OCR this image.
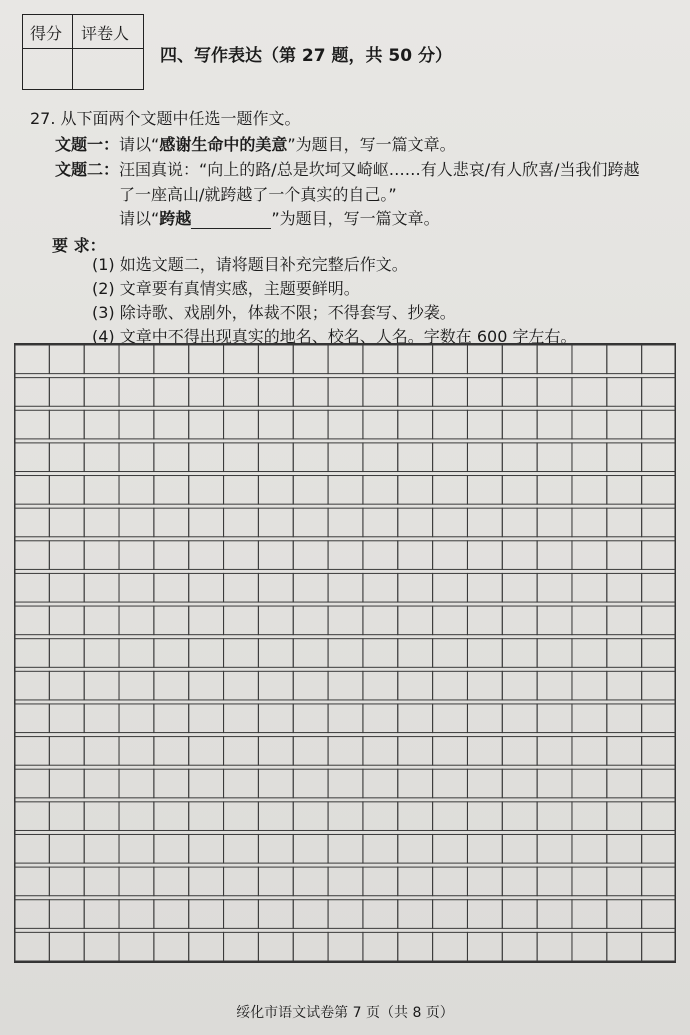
得分 评卷人
四、写作表达（第 27 题，共 50 分）
27. 从下面两个文题中任选一题作文。
文题一：请以“感谢生命中的美意”为题目，写一篇文章。
文题二：汪国真说：“向上的路/总是坎坷又崎岖……有人悲哀/有人欣喜/当我们跨越
了一座高山/就跨越了一个真实的自己。”
请以“跨越	”为题目，写一篇文章。
要 求：
(1) 如选文题二，请将题目补充完整后作文。
(2) 文章要有真情实感，主题要鲜明。
(3) 除诗歌、戏剧外，体裁不限；不得套写、抄袭。
(4) 文章中不得出现真实的地名、校名、人名。字数在 600 字左右。
绥化市语文试卷第 7 页（共 8 页）
